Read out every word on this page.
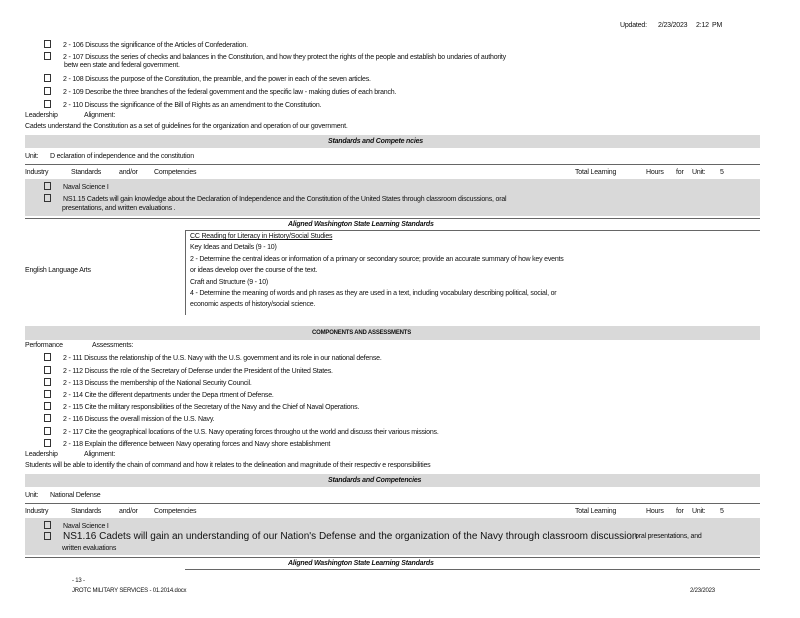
Updated: 2/23/2023 2:12 PM
2 - 106 Discuss the significance of the Articles of Confederation.
2 - 107 Discuss the series of checks and balances in the Constitution, and how they protect the rights of the people and establish bo undaries of authority
betw een state and federal government.
2 - 108 Discuss the purpose of the Constitution, the preamble, and the power in each of the seven articles.
2 - 109 Describe the three branches of the federal government and the specific law - making duties of each branch.
2 - 110 Discuss the significance of the Bill of Rights as an amendment to the Constitution.
Leadership	Alignment:
Cadets understand the Constitution as a set of guidelines for the organization and operation of our government.
Standards and Compete ncies
Unit: D eclaration of independence and the constitution
Industry	Standards	and/or Competencies	Total Learning	Hours for Unit: 5
Naval Science I
NS1.15 Cadets will gain knowledge about the Declaration of Independence and the Constitution of the United States through classroom discussions, oral
presentations, and written evaluations .
Aligned Washington State Learning Standards
English Language Arts
CC Reading for Literacy in History/Social Studies
Key Ideas and Details (9 - 10)
2 - Determine the central ideas or information of a primary or secondary source; provide an accurate summary of how key events
or ideas develop over the course of the text.
Craft and Structure (9 - 10)
4 - Determine the meaning of words and ph rases as they are used in a text, including vocabulary describing political, social, or
economic aspects of history/social science.
COMPONENTS AND ASSESSMENTS
Performance	Assessments:
2 - 111 Discuss the relationship of the U.S. Navy with the U.S. government and its role in our national defense.
2 - 112 Discuss the role of the Secretary of Defense under the President of the United States.
2 - 113 Discuss the membership of the National Security Council.
2 - 114 Cite the different departments under the Depa rtment of Defense.
2 - 115 Cite the military responsibilities of the Secretary of the Navy and the Chief of Naval Operations.
2 - 116 Discuss the overall mission of the U.S. Navy.
2 - 117 Cite the geographical locations of the U.S. Navy operating forces througho ut the world and discuss their various missions.
2 - 118 Explain the difference between Navy operating forces and Navy shore establishment
Leadership	Alignment:
Students will be able to identify the chain of command and how it relates to the delineation and magnitude of their respectiv e responsibilities
Standards and Competencies
Unit: National Defense
Industry	Standards	and/or Competencies	Total Learning	Hours for Unit: 5
Naval Science I
NS1.16 Cadets will gain an understanding of our Nation's Defense and the organization of the Navy through classroom discussion
oral presentations, and
written evaluations
Aligned Washington State Learning Standards
- 13 -
JROTC MILITARY SERVICES - 01.2014.docx	2/23/2023
